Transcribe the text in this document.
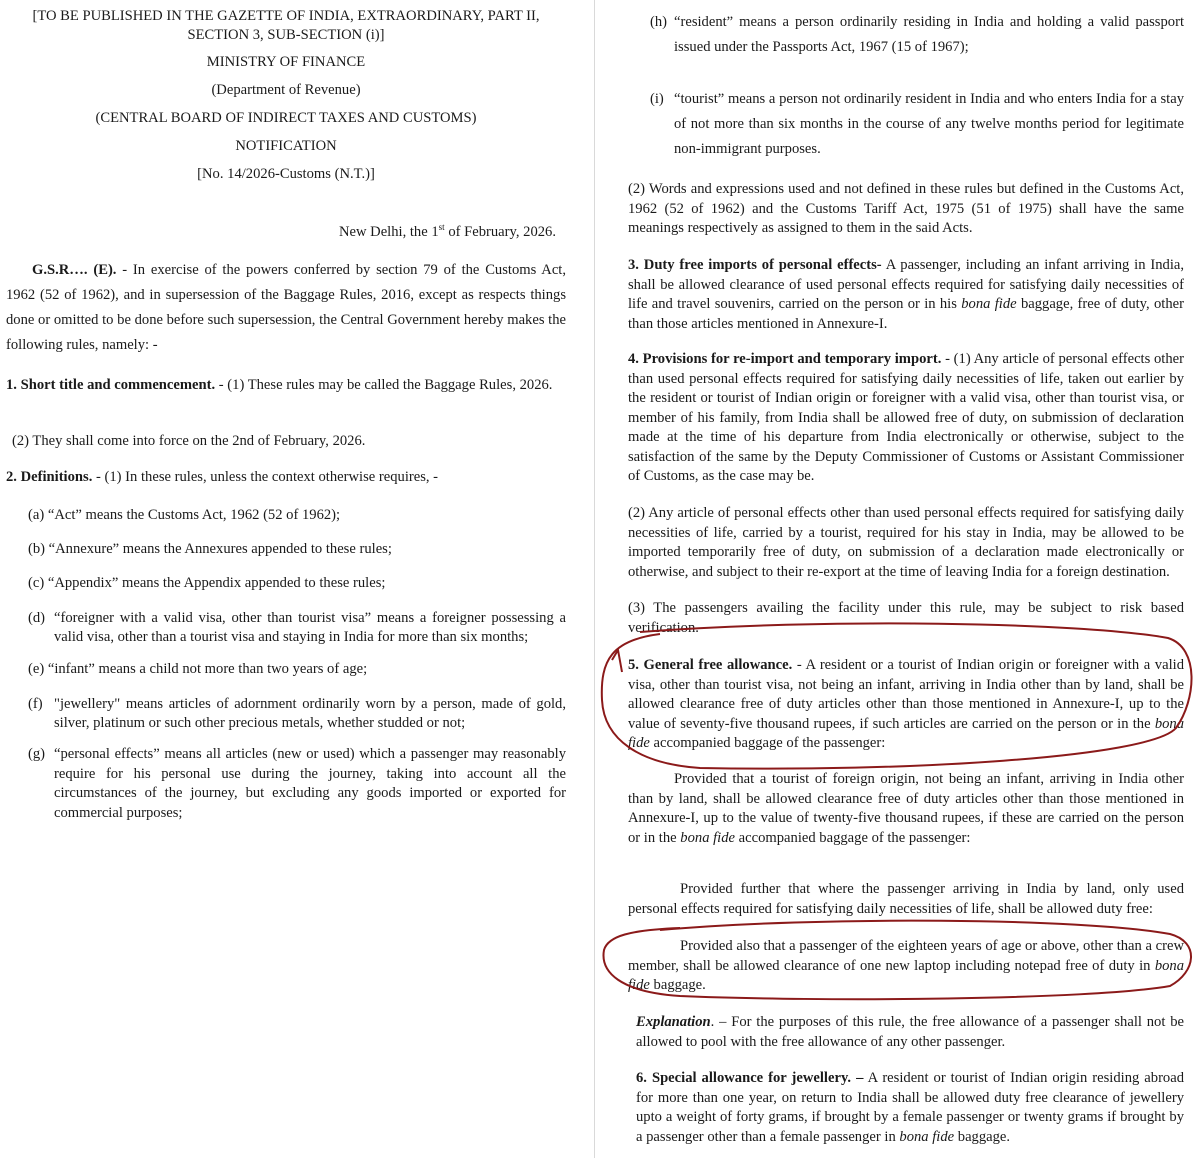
[TO BE PUBLISHED IN THE GAZETTE OF INDIA, EXTRAORDINARY, PART II, SECTION 3, SUB-SECTION (i)]
MINISTRY OF FINANCE
(Department of Revenue)
(CENTRAL BOARD OF INDIRECT TAXES AND CUSTOMS)
NOTIFICATION
[No. 14/2026-Customs (N.T.)]
New Delhi, the 1st of February, 2026.
G.S.R…. (E). - In exercise of the powers conferred by section 79 of the Customs Act, 1962 (52 of 1962), and in supersession of the Baggage Rules, 2016, except as respects things done or omitted to be done before such supersession, the Central Government hereby makes the following rules, namely: -
1. Short title and commencement. - (1) These rules may be called the Baggage Rules, 2026.
(2) They shall come into force on the 2nd of February, 2026.
2. Definitions. - (1) In these rules, unless the context otherwise requires, -
(a) “Act” means the Customs Act, 1962 (52 of 1962);
(b) “Annexure” means the Annexures appended to these rules;
(c) “Appendix” means the Appendix appended to these rules;
(d) “foreigner with a valid visa, other than tourist visa” means a foreigner possessing a valid visa, other than a tourist visa and staying in India for more than six months;
(e) “infant” means a child not more than two years of age;
(f) "jewellery" means articles of adornment ordinarily worn by a person, made of gold, silver, platinum or such other precious metals, whether studded or not;
(g) “personal effects” means all articles (new or used) which a passenger may reasonably require for his personal use during the journey, taking into account all the circumstances of the journey, but excluding any goods imported or exported for commercial purposes;
(h) “resident” means a person ordinarily residing in India and holding a valid passport issued under the Passports Act, 1967 (15 of 1967);
(i) “tourist” means a person not ordinarily resident in India and who enters India for a stay of not more than six months in the course of any twelve months period for legitimate non-immigrant purposes.
(2) Words and expressions used and not defined in these rules but defined in the Customs Act, 1962 (52 of 1962) and the Customs Tariff Act, 1975 (51 of 1975) shall have the same meanings respectively as assigned to them in the said Acts.
3. Duty free imports of personal effects- A passenger, including an infant arriving in India, shall be allowed clearance of used personal effects required for satisfying daily necessities of life and travel souvenirs, carried on the person or in his bona fide baggage, free of duty, other than those articles mentioned in Annexure-I.
4. Provisions for re-import and temporary import. - (1) Any article of personal effects other than used personal effects required for satisfying daily necessities of life, taken out earlier by the resident or tourist of Indian origin or foreigner with a valid visa, other than tourist visa, or member of his family, from India shall be allowed free of duty, on submission of declaration made at the time of his departure from India electronically or otherwise, subject to the satisfaction of the same by the Deputy Commissioner of Customs or Assistant Commissioner of Customs, as the case may be.
(2) Any article of personal effects other than used personal effects required for satisfying daily necessities of life, carried by a tourist, required for his stay in India, may be allowed to be imported temporarily free of duty, on submission of a declaration made electronically or otherwise, and subject to their re-export at the time of leaving India for a foreign destination.
(3) The passengers availing the facility under this rule, may be subject to risk based verification.
5. General free allowance. - A resident or a tourist of Indian origin or foreigner with a valid visa, other than tourist visa, not being an infant, arriving in India other than by land, shall be allowed clearance free of duty articles other than those mentioned in Annexure-I, up to the value of seventy-five thousand rupees, if such articles are carried on the person or in the bona fide accompanied baggage of the passenger:
Provided that a tourist of foreign origin, not being an infant, arriving in India other than by land, shall be allowed clearance free of duty articles other than those mentioned in Annexure-I, up to the value of twenty-five thousand rupees, if these are carried on the person or in the bona fide accompanied baggage of the passenger:
Provided further that where the passenger arriving in India by land, only used personal effects required for satisfying daily necessities of life, shall be allowed duty free:
Provided also that a passenger of the eighteen years of age or above, other than a crew member, shall be allowed clearance of one new laptop including notepad free of duty in bona fide baggage.
Explanation. – For the purposes of this rule, the free allowance of a passenger shall not be allowed to pool with the free allowance of any other passenger.
6. Special allowance for jewellery. – A resident or tourist of Indian origin residing abroad for more than one year, on return to India shall be allowed duty free clearance of jewellery upto a weight of forty grams, if brought by a female passenger or twenty grams if brought by a passenger other than a female passenger in bona fide baggage.
